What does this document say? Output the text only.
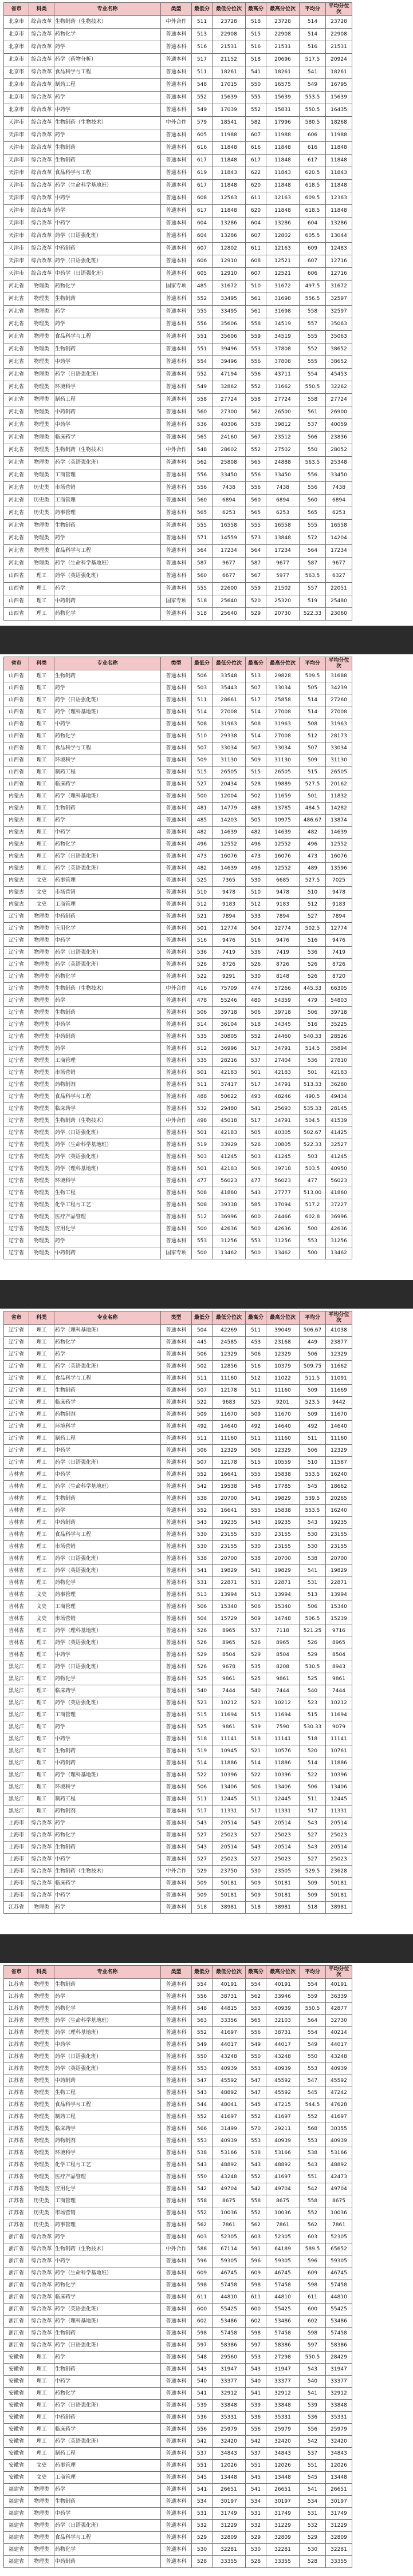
省市	科类	专业名称	类型	最低分	最低分位次	最高分	最高分位次	平均分	平均分位次
北京市	综合改革	生物制药（生物技术）	中外合作	511	23728	518	23728	514	23728
北京市	综合改革	药物化学	普通本科	513	22908	515	22908	514	22908
北京市	综合改革	药学	普通本科	516	21531	516	21531	516	21531
北京市	综合改革	药学（药物分析）	普通本科	517	21152	518	20696	517.5	20924
北京市	综合改革	食品科学与工程	普通本科	511	18261	541	18261	541	18261
北京市	综合改革	制药工程	普通本科	548	17015	550	16575	549	16795
北京市	综合改革	药学	普通本科	552	15639	555	15639	553.5	15639
北京市	综合改革	中药学	普通本科	549	17039	552	15831	550.5	16435
天津市	综合改革	生物制药（生物技术）	中外合作	579	18541	582	17996	580.5	18268
天津市	综合改革	药学	普通本科	605	11988	607	11988	606	11988
天津市	综合改革	生物制药	普通本科	616	11848	616	11848	616	11848
天津市	综合改革	生物制药	普通本科	617	11848	617	11848	617	11848
天津市	综合改革	食品科学与工程	普通本科	619	11843	622	11843	620.5	11843
天津市	综合改革	药学（生命科学基地班）	普通本科	617	11848	620	11848	618.5	11848
天津市	综合改革	中药学	普通本科	608	12563	611	12163	609.5	12363
天津市	综合改革	药学	普通本科	617	11848	620	11848	618.5	11848
天津市	综合改革	中药学	普通本科	604	13286	604	13286	604	13286
天津市	综合改革	药学（日语强化班）	普通本科	604	13286	607	12802	605.5	13044
天津市	综合改革	中药制药	普通本科	607	12802	611	12163	609	12483
天津市	综合改革	药学（日语强化班）	普通本科	606	12910	608	12521	607	12716
天津市	综合改革	中药学（日语强化班）	普通本科	605	12910	607	12521	606	12716
河北省	物理类	药物化学	国家专项	485	31672	510	31672	497.5	31672
河北省	物理类	生物制药	普通本科	552	33495	561	31698	556.5	32597
河北省	物理类	药学	普通本科	555	33495	561	31698	558	32597
河北省	物理类	药学	普通本科	556	35606	558	34519	557	35063
河北省	物理类	食品科学与工程	普通本科	551	35606	559	34519	555	35063
河北省	物理类	生物制药	普通本科	551	39496	553	37808	552	38652
河北省	物理类	中药学	普通本科	554	39496	556	37808	555	38652
河北省	物理类	药学（日语强化班）	普通本科	552	47194	556	43711	554	45453
河北省	物理类	环境科学	普通本科	549	32862	552	31662	550.5	32262
河北省	物理类	制药工程	普通本科	558	27724	558	27724	558	27724
河北省	物理类	中药制药	普通本科	560	27300	562	26500	561	26900
河北省	物理类	中药学	普通本科	536	40306	538	39812	537	40059
河北省	物理类	临床药学	普通本科	565	24160	567	23512	566	23836
河北省	物理类	生物制药（生物技术）	中外合作	548	28602	552	27502	550	28052
河北省	物理类	药学（英语强化班）	普通本科	562	25808	565	24888	563.5	25348
河北省	物理类	工商管理	普通本科	556	33450	556	33450	556	33450
河北省	历史类	市场营销	普通本科	556	7438	556	7438	556	7438
河北省	历史类	工商管理	普通本科	560	6894	560	6894	560	6894
河北省	历史类	药事管理	普通本科	565	6253	565	6253	565	6253
河北省	物理类	生物制药	普通本科	555	16558	555	16558	555	16558
河北省	物理类	药学	普通本科	571	14559	573	13848	572	14204
河北省	物理类	食品科学与工程	普通本科	564	17234	564	17234	564	17234
河北省	物理类	药学（生命科学基地班）	普通本科	587	9677	587	9677	587	9677
山西省	理工	药学（英语强化班）	普通本科	560	6677	567	5977	563.5	6327
山西省	理工	药学	普通本科	555	22600	559	21502	557	22051
山西省	理工	中药制药	国家专项	518	25640	520	25320	519	25480
山西省	理工	药物化学	普通本科	518	25640	529	20730	522.33	23060
省市	科类	专业名称	类型	最低分	最低分位次	最高分	最高分位次	平均分	平均分位次
山西省	理工	生物制药	普通本科	506	33548	513	29828	509.5	31688
山西省	理工	药学	普通本科	503	35443	507	33034	505	34239
山西省	理工	药学（日语强化班）	普通本科	511	28661	517	25858	514	27260
山西省	理工	药学（理科基地班）	普通本科	514	27008	514	27008	514	27008
山西省	理工	中药学	普通本科	508	31963	508	31963	508	31963
山西省	理工	药物化学	普通本科	510	29338	514	27008	512	28173
山西省	理工	食品科学与工程	普通本科	507	33034	507	33034	507	33034
山西省	理工	环境科学	普通本科	509	31130	509	31130	509	31130
山西省	理工	制药工程	普通本科	515	26505	515	26505	515	26505
山西省	理工	临床药学	普通本科	527	20434	528	19889	527.5	20162
内蒙古	理工	药学（理科基地班）	普通本科	500	12004	502	11659	501	11832
内蒙古	理工	生物制药	普通本科	481	14779	488	13785	484.5	14282
内蒙古	理工	药学	普通本科	485	14203	505	10975	486.67	13874
内蒙古	理工	中药学	普通本科	482	14639	482	14639	482	14639
内蒙古	理工	药物化学	普通本科	496	12552	496	12552	496	12552
内蒙古	理工	药学（日语强化班）	普通本科	473	16076	473	16076	473	16076
内蒙古	理工	药学（英语强化班）	普通本科	482	14639	496	12552	489	13596
内蒙古	文史	药事管理	普通本科	525	7365	530	6685	527.5	7025
内蒙古	文史	市场营销	普通本科	510	9478	510	9478	510	9478
内蒙古	文史	工商管理	普通本科	512	9183	512	9183	512	9183
辽宁省	物理类	中药制药	普通本科	521	7894	533	7894	527	7894
辽宁省	物理类	应用化学	普通本科	501	12774	504	12774	502.5	12774
辽宁省	物理类	中药学	普通本科	516	9476	516	9476	516	9476
辽宁省	物理类	药学（日语强化班）	普通本科	536	7419	536	7419	536	7419
辽宁省	物理类	药学（英语强化班）	普通本科	526	8726	526	8726	526	8726
辽宁省	物理类	药物化学	普通本科	522	9291	530	8148	526	8720
辽宁省	物理类	生物制药（生物技术）	中外合作	416	75709	474	57266	445.33	66305
辽宁省	物理类	药学	普通本科	478	55246	480	54359	479	54803
辽宁省	物理类	生物制药	普通本科	506	39718	506	39718	506	39718
辽宁省	物理类	中药学	普通本科	514	36104	518	34345	516	35225
辽宁省	物理类	中药制药	普通本科	535	30805	552	24460	540.33	28526
辽宁省	物理类	药学	普通本科	512	36996	517	34791	514.5	35894
辽宁省	物理类	工商管理	普通本科	535	28216	537	27404	536	27810
辽宁省	物理类	市场营销	普通本科	501	42183	501	42183	501	42183
辽宁省	物理类	药物制剂	普通本科	511	37417	517	34791	513.33	36280
辽宁省	物理类	食品科学与工程	普通本科	488	50622	493	48246	490.5	49434
辽宁省	物理类	临床药学	普通本科	532	29480	541	25693	535.33	28145
辽宁省	物理类	生物制药（生物技术）	中外合作	498	45018	517	34791	504.5	41539
辽宁省	物理类	药学（日语强化班）	普通本科	501	42183	505	40305	502.67	41425
辽宁省	物理类	药学（生命科学基地班）	普通本科	519	33929	526	30805	522.33	32527
辽宁省	物理类	药学（英语强化班）	普通本科	503	41245	503	41245	503	41245
辽宁省	物理类	药学（理科基地班）	普通本科	501	42183	506	39718	503.5	40950
辽宁省	物理类	环境科学	普通本科	477	56023	477	56023	477	56023
辽宁省	物理类	生物工程	普通本科	508	41860	543	27777	513.00	41860
辽宁省	物理类	化学工程与工艺	普通本科	508	39338	585	17094	517.2	37227
辽宁省	物理类	医疗产品管理	普通本科	512	36996	600	24466	602.8	36996
辽宁省	物理类	应用化学	普通本科	500	42636	500	42636	500	42636
辽宁省	物理类	药学	普通本科	553	31256	553	31256	553	31256
辽宁省	物理类	中药制药	国家专项	500	13462	500	13462	500	13462
省市	科类	专业名称	类型	最低分	最低分位次	最高分	最高分位次	平均分	平均分位次
辽宁省	理工	药学（理科基地班）	普通本科	504	42269	511	39049	506.67	41038
辽宁省	理工	药物化学	普通本科	445	24585	453	23168	449	23877
辽宁省	理工	药学	普通本科	506	12329	506	12329	506	12329
辽宁省	理工	药学（英语强化班）	普通本科	502	12856	516	10379	509.75	11662
辽宁省	理工	食品科学与工程	普通本科	511	11160	512	11022	511.5	11091
辽宁省	理工	生物制药	普通本科	507	12178	511	11160	509	11669
辽宁省	理工	临床药学	普通本科	522	9683	525	9201	523.5	9442
辽宁省	理工	药物制剂	普通本科	509	11670	509	11670	509	11670
辽宁省	理工	环境科学	普通本科	492	14640	492	14640	492	14640
辽宁省	理工	制药工程	普通本科	511	11160	511	11160	511	11160
辽宁省	理工	中药学	普通本科	506	12329	506	12329	506	12329
辽宁省	理工	药学（日语强化班）	普通本科	507	12178	515	10559	510	11587
吉林省	理工	中药学	普通本科	552	16641	555	15838	553.5	16240
吉林省	理工	药学（生命科学基地班）	普通本科	542	19538	548	17785	545	18662
吉林省	理工	生物制药	普通本科	538	20700	541	19829	539.5	20265
吉林省	理工	药学	普通本科	552	16641	555	15838	553.5	16240
吉林省	理工	中药制药	普通本科	543	19235	543	19235	543	19235
吉林省	理工	食品科学与工程	普通本科	530	23155	530	23155	530	23155
吉林省	理工	市场营销	普通本科	530	23155	530	23155	530	23155
吉林省	理工	药学（日语强化班）	普通本科	538	20700	538	20700	538	20700
吉林省	理工	药学（英语强化班）	普通本科	541	19829	541	19829	541	19829
吉林省	理工	药物化学	普通本科	531	22871	531	22871	531	22871
吉林省	文史	药事管理	普通本科	513	13994	513	13994	513	13994
吉林省	文史	工商管理	普通本科	506	15340	506	15340	506	15340
吉林省	文史	市场营销	普通本科	504	15729	509	14748	506.5	15239
吉林省	理工	药学（理科基地班）	普通本科	526	8965	537	7118	521.25	9716
吉林省	理工	药学（英语强化班）	普通本科	526	8965	526	8965	526	8965
吉林省	理工	中药学	普通本科	529	8504	529	8504	529	8504
黑龙江	理工	药学（日语强化班）	普通本科	526	9678	535	8208	530.5	8943
黑龙江	理工	药物化学	普通本科	525	9861	525	9861	525	9861
黑龙江	理工	临床药学	普通本科	540	7444	540	7444	540	7444
黑龙江	理工	药学（英语强化班）	普通本科	523	10212	523	10212	523	10212
黑龙江	理工	工商管理	普通本科	515	11694	515	11694	515	11694
黑龙江	理工	药学	普通本科	525	9861	539	7590	530.33	9079
黑龙江	理工	中药学	普通本科	518	11141	518	11141	518	11141
黑龙江	理工	生物制药	普通本科	519	10945	521	10576	520	10761
黑龙江	理工	中药制药	普通本科	514	11886	514	11886	514	11886
黑龙江	理工	药学（理科基地班）	普通本科	522	10396	522	10396	522	10396
黑龙江	理工	环境科学	普通本科	506	13406	506	13406	506	13406
黑龙江	理工	制药工程	普通本科	511	12445	511	12445	511	12445
黑龙江	理工	药物制剂	普通本科	517	11331	517	11331	517	11331
上海市	综合改革	药学	普通本科	543	20514	543	20514	543	20514
上海市	综合改革	药物化学	普通本科	527	25023	527	25023	527	25023
上海市	综合改革	生物制药	普通本科	543	20514	543	20514	543	20514
上海市	综合改革	中药学	普通本科	527	25023	527	25023	527	25023
上海市	综合改革	生物制药（生物技术）	中外合作	529	23750	530	23505	529.5	23628
上海市	综合改革	临床药学	普通本科	509	50181	509	50181	509	50181
上海市	综合改革	中药学	普通本科	509	50181	509	50181	509	50181
江苏省	物理类	药学	普通本科	518	38981	518	38981	518	38981
省市	科类	专业名称	类型	最低分	最低分位次	最高分	最高分位次	平均分	平均分位次
江苏省	物理类	生物制药	普通本科	554	40191	554	40191	554	40191
江苏省	物理类	药学	普通本科	556	38731	562	33946	559	36339
江苏省	物理类	药物化学	普通本科	548	44815	553	40939	550.5	42877
江苏省	物理类	药学（生命科学基地班）	普通本科	563	33356	565	32103	564	32730
江苏省	物理类	药学（理科基地班）	普通本科	552	41697	556	38731	554	40214
江苏省	物理类	中药学	普通本科	549	44017	549	44017	549	44017
江苏省	物理类	药学（日语强化班）	普通本科	550	43248	550	43248	550	43248
江苏省	物理类	药学（英语强化班）	普通本科	553	40939	553	40939	553	40939
江苏省	物理类	中药制药	普通本科	547	45592	547	45592	547	45592
江苏省	物理类	生物工程	普通本科	543	48892	547	45592	545	47242
江苏省	物理类	食品科学与工程	普通本科	544	48041	545	47215	544.5	47628
江苏省	物理类	制药工程	普通本科	552	41697	552	41697	552	41697
江苏省	物理类	临床药学	普通本科	566	31499	570	29211	568	30355
江苏省	物理类	药物制剂	普通本科	553	40939	553	40939	553	40939
江苏省	物理类	环境科学	普通本科	538	53166	538	53166	538	53166
江苏省	物理类	化学工程与工艺	普通本科	543	48892	543	48892	543	48892
江苏省	物理类	医疗产品管理	普通本科	550	43248	552	41697	551	42473
江苏省	物理类	应用化学	普通本科	542	49704	542	49704	542	49704
江苏省	历史类	工商管理	普通本科	558	8675	558	8675	558	8675
江苏省	历史类	市场营销	普通本科	552	10036	552	10036	552	10036
江苏省	历史类	药事管理	普通本科	562	7861	562	7861	562	7861
浙江省	综合改革	药学	普通本科	603	52305	603	52305	603	52305
浙江省	综合改革	生物制药（生物技术）	中外合作	588	67114	591	64189	589.5	65652
浙江省	综合改革	中药学	普通本科	596	59305	596	59305	596	59305
浙江省	综合改革	药学（生命科学基地班）	普通本科	609	46745	609	46745	609	46745
浙江省	综合改革	药物化学	普通本科	598	57458	598	57458	598	57458
浙江省	综合改革	临床药学	普通本科	611	44810	611	44810	611	44810
浙江省	综合改革	药学（英语强化班）	普通本科	600	55425	600	55425	600	55425
浙江省	综合改革	药学（理科基地班）	普通本科	602	53486	602	53486	602	53486
浙江省	综合改革	生物制药	普通本科	598	57458	598	57458	598	57458
浙江省	综合改革	药学（日语强化班）	普通本科	597	58386	597	58386	597	58386
安徽省	理工	药学	普通本科	548	29560	553	27298	550.5	28429
安徽省	理工	生物制药	普通本科	543	31947	543	31947	543	31947
安徽省	理工	中药学	普通本科	540	33377	540	33377	540	33377
安徽省	理工	药物化学	普通本科	541	32912	541	32912	541	32912
安徽省	理工	药学（日语强化班）	普通本科	539	33848	539	33848	539	33848
安徽省	理工	中药制药	普通本科	536	35331	536	35331	536	35331
安徽省	理工	临床药学	普通本科	556	25979	556	25979	556	25979
安徽省	理工	药学（英语强化班）	普通本科	542	32420	542	32420	542	32420
安徽省	理工	制药工程	普通本科	537	34843	537	34843	537	34843
安徽省	文史	药事管理	普通本科	551	12026	551	12026	551	12026
安徽省	文史	工商管理	普通本科	545	13448	545	13448	545	13448
福建省	物理类	药学	普通本科	541	26651	541	26651	541	26651
福建省	物理类	生物制药	普通本科	534	30197	534	30197	534	30197
福建省	物理类	中药学	普通本科	531	31749	531	31749	531	31749
福建省	物理类	药学（日语强化班）	普通本科	532	31229	532	31229	532	31229
福建省	物理类	食品科学与工程	普通本科	529	32809	529	32809	529	32809
福建省	物理类	药物化学	普通本科	530	32281	530	32281	530	32281
福建省	物理类	中药制药	普通本科	528	33355	528	33355	528	33355
